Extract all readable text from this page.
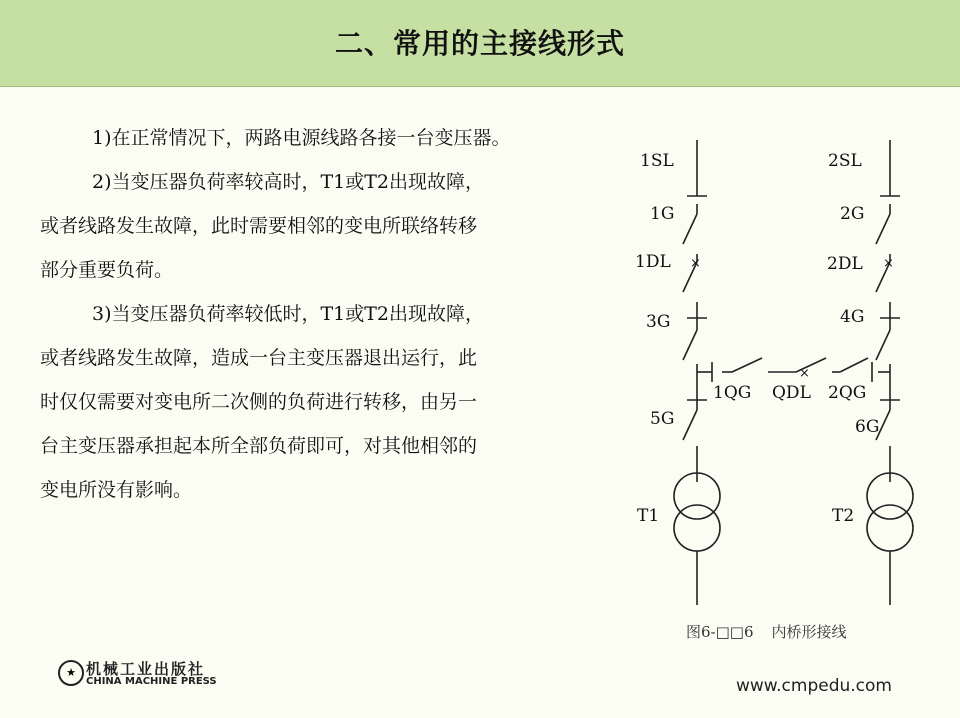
二、常用的主接线形式
1)在正常情况下，两路电源线路各接一台变压器。
2)当变压器负荷率较高时，T1或T2出现故障，
或者线路发生故障，此时需要相邻的变电所联络转移
部分重要负荷。
3)当变压器负荷率较低时，T1或T2出现故障，
或者线路发生故障，造成一台主变压器退出运行，此
时仅仅需要对变电所二次侧的负荷进行转移，由另一
台主变压器承担起本所全部负荷即可，对其他相邻的
变电所没有影响。
×	×
×
1SL	2SL
1G	2G
1DL	2DL
3G	4G
1QG QDL 2QG
5G	6G
T1	T2
图6-□□6 内桥形接线
★ 机械工业出版社
CHINA MACHINE PRESS	www.cmpedu.com
